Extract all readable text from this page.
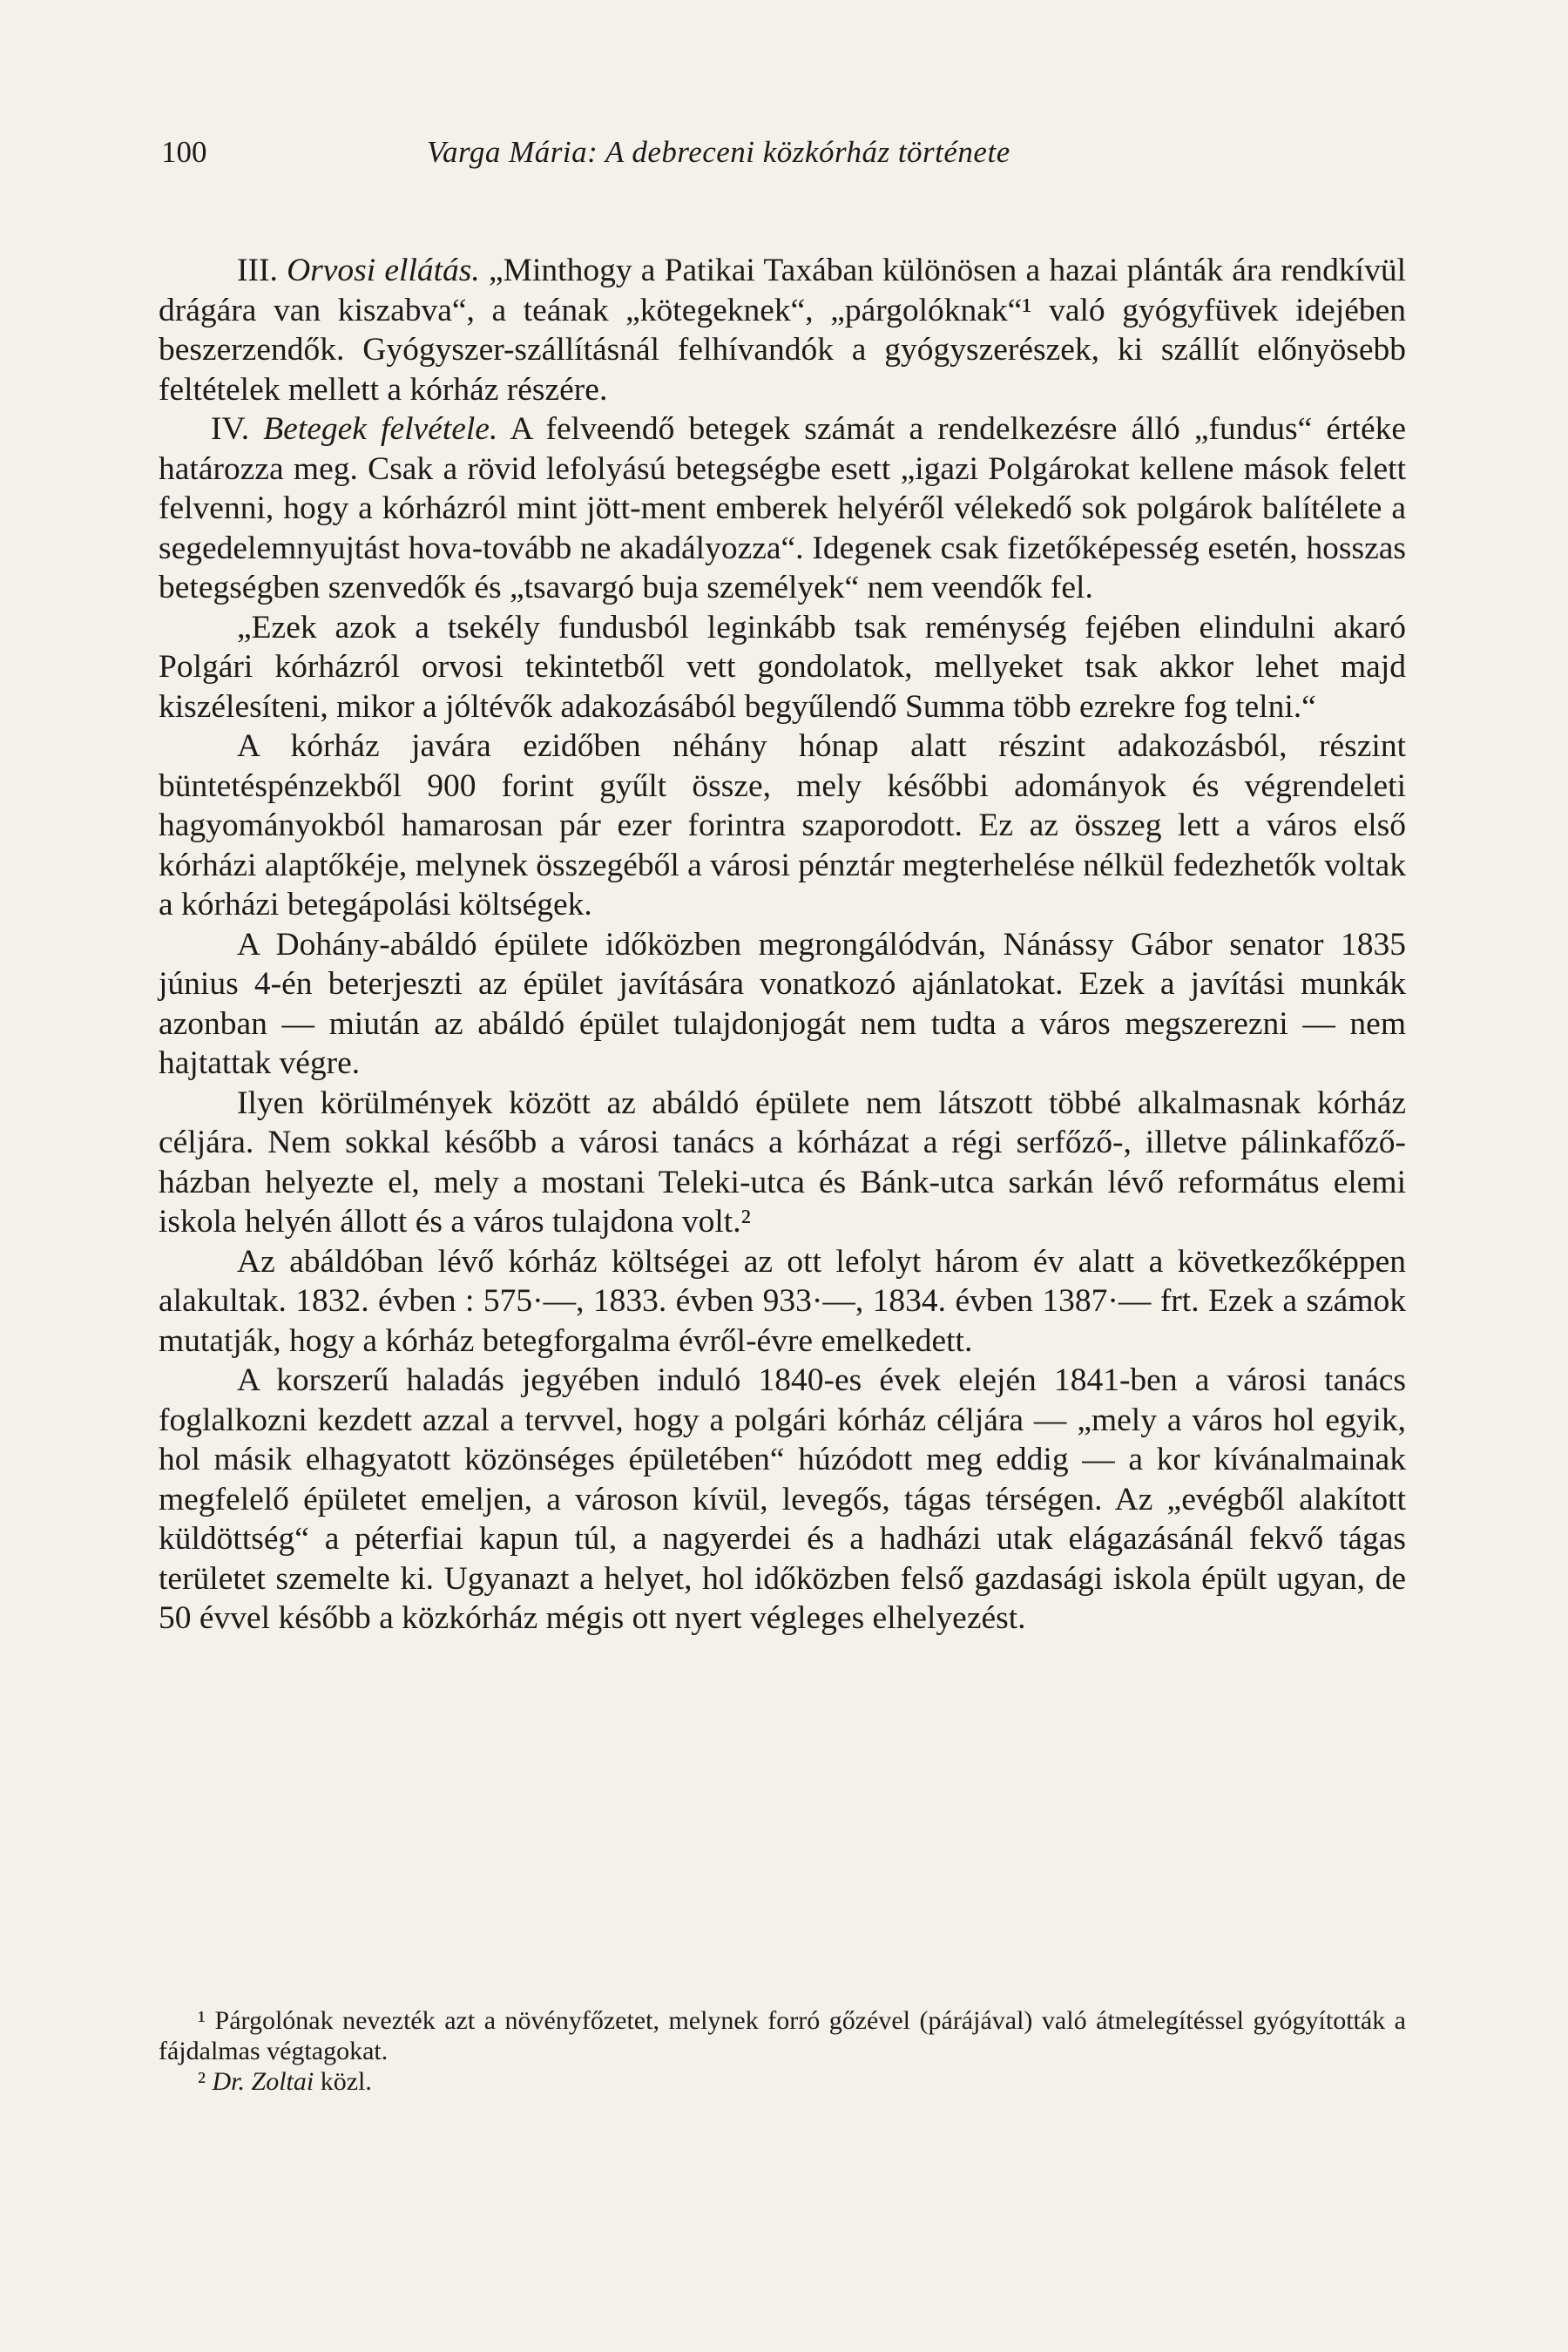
100	Varga Mária: A debreceni közkórház története

III. Orvosi ellátás. „Minthogy a Patikai Taxában különösen a hazai plánták ára rendkívül drágára van kiszabva“, a teának „kötegeknek“, „párgolóknak“¹ való gyógyfüvek idejében beszerzendők. Gyógyszer-szállításnál felhívandók a gyógyszerészek, ki szállít előnyösebb feltételek mellett a kórház részére.

IV. Betegek felvétele. A felveendő betegek számát a rendelkezésre álló „fundus“ értéke határozza meg. Csak a rövid lefolyású betegségbe esett „igazi Polgárokat kellene mások felett felvenni, hogy a kórházról mint jött-ment emberek helyéről vélekedő sok polgárok balítélete a segedelemnyujtást hova-tovább ne akadályozza“. Idegenek csak fizetőképesség esetén, hosszas betegségben szenvedők és „tsavargó buja személyek“ nem veendők fel.

„Ezek azok a tsekély fundusból leginkább tsak reménység fejében elindulni akaró Polgári kórházról orvosi tekintetből vett gondolatok, mellyeket tsak akkor lehet majd kiszélesíteni, mikor a jóltévők adakozásából begyűlendő Summa több ezrekre fog telni.“

A kórház javára ezidőben néhány hónap alatt részint adakozásból, részint büntetéspénzekből 900 forint gyűlt össze, mely későbbi adományok és végrendeleti hagyományokból hamarosan pár ezer forintra szaporodott. Ez az összeg lett a város első kórházi alaptőkéje, melynek összegéből a városi pénztár megterhelése nélkül fedezhetők voltak a kórházi betegápolási költségek.

A Dohány-abáldó épülete időközben megrongálódván, Nánássy Gábor senator 1835 június 4-én beterjeszti az épület javítására vonatkozó ajánlatokat. Ezek a javítási munkák azonban — miután az abáldó épület tulajdonjogát nem tudta a város megszerezni — nem hajtattak végre.

Ilyen körülmények között az abáldó épülete nem látszott többé alkalmasnak kórház céljára. Nem sokkal később a városi tanács a kórházat a régi serfőző-, illetve pálinkafőző-házban helyezte el, mely a mostani Teleki-utca és Bánk-utca sarkán lévő református elemi iskola helyén állott és a város tulajdona volt.²

Az abáldóban lévő kórház költségei az ott lefolyt három év alatt a következőképpen alakultak. 1832. évben : 575·—, 1833. évben 933·—, 1834. évben 1387·— frt. Ezek a számok mutatják, hogy a kórház betegforgalma évről-évre emelkedett.

A korszerű haladás jegyében induló 1840-es évek elején 1841-ben a városi tanács foglalkozni kezdett azzal a tervvel, hogy a polgári kórház céljára — „mely a város hol egyik, hol másik elhagyatott közönséges épületében“ húzódott meg eddig — a kor kívánalmainak megfelelő épületet emeljen, a városon kívül, levegős, tágas térségen. Az „evégből alakított küldöttség“ a péterfiai kapun túl, a nagyerdei és a hadházi utak elágazásánál fekvő tágas területet szemelte ki. Ugyanazt a helyet, hol időközben felső gazdasági iskola épült ugyan, de 50 évvel később a közkórház mégis ott nyert végleges elhelyezést.

¹ Párgolónak nevezték azt a növényfőzetet, melynek forró gőzével (párájával) való átmelegítéssel gyógyították a fájdalmas végtagokat.

² Dr. Zoltai közl.
